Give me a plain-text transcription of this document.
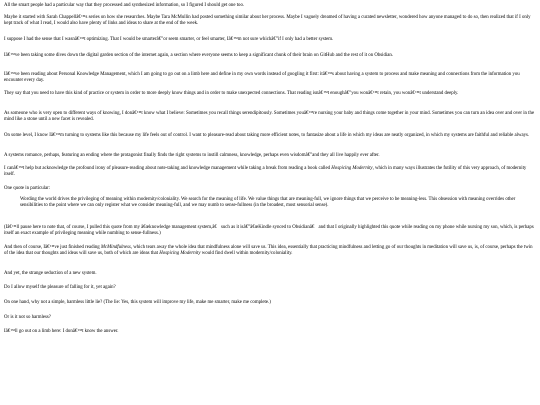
All the smart people had a particular way that they processed and synthesized information, so I figured I should get one too.

Maybe it started with Sarah Chappellâ€™s series on how she researches. Maybe Tara McMullin had posted something similar about her process. Maybe I vaguely dreamed of having a curated newsletter, wondered how anyone managed to do so, then realized that if I only kept track of what I read, I would also have plenty of links and ideas to share at the end of the week.

I suppose I had the sense that I wasnâ€™t optimizing. That I would be smarterâ€”or seem smarter, or feel smarter, Iâ€™m not sure whichâ€”if I only had a better system.

Iâ€™ve been taking some dives down the digital garden section of the internet again, a section where everyone seems to keep a significant chunk of their brain on GitHub and the rest of it on Obsidian.

Iâ€™ve been reading about Personal Knowledge Management, which I am going to go out on a limb here and define in my own words instead of googling it first: itâ€™s about having a system to process and make meaning and connections from the information you encounter every day.

They say that you need to have this kind of practice or system in order to more deeply know things and in order to make unexpected connections. That reading isnâ€™t enoughâ€”you wonâ€™t retain, you wonâ€™t understand deeply.

As someone who is very open to different ways of knowing, I donâ€™t know what I believe: Sometimes you recall things serendipitously. Sometimes youâ€™re nursing your baby and things come together in your mind. Sometimes you can turn an idea over and over in the mind like a stone until a new facet is revealed.

On some level, I know Iâ€™m turning to systems like this because my life feels out of control. I want to pleasure-read about taking more efficient notes, to fantasize about a life in which my ideas are neatly organized, in which my systems are faithful and reliable always.

A systems romance, perhaps, featuring an ending where the protagonist finally finds the right systems to instill calmness, knowledge, perhaps even wisdomâ€”and they all live happily ever after.

I canâ€™t help but acknowledge the profound irony of pleasure-reading about note-taking and knowledge management while taking a break from reading a book called Hospicing Modernity, which in many ways illustrates the futility of this very approach, of modernity itself.

One quote in particular:

Wording the world drives the privileging of meaning within modernity/coloniality. We search for the meaning of life. We value things that are meaning-full, we ignore things that we perceive to be meaning-less. This obsession with meaning overrides other sensibilities to the point where we can only register what we consider meaning-full, and we may numb to sense-fullness (in the broadest, most sensorial sense).

(Iâ€™ll pause here to note that, of course, I pulled this quote from my â€œknowledge management system,â€ such as it isâ€”â€œKindle synced to Obsidianâ€ and that I originally highlighted this quote while reading on my phone while nursing my son, which, is perhaps itself an exact example of privileging meaning while numbing to sense-fullness.)

And then of course, Iâ€™ve just finished reading McMindfulness, which tears away the whole idea that mindfulness alone will save us. This idea, essentially that practicing mindfulness and letting go of our thoughts in meditation will save us, is, of course, perhaps the twin of the idea that our thoughts and ideas will save us, both of which are ideas that Hospicing Modernity would find dwell within modernity/coloniality.

And yet, the strange seduction of a new system.

Do I allow myself the pleasure of falling for it, yet again?

On one hand, why not a simple, harmless little lie? (The lie: Yes, this system will improve my life, make me smarter, make me complete.)

Or is it not so harmless?

Iâ€™ll go out on a limb here: I donâ€™t know the answer.
